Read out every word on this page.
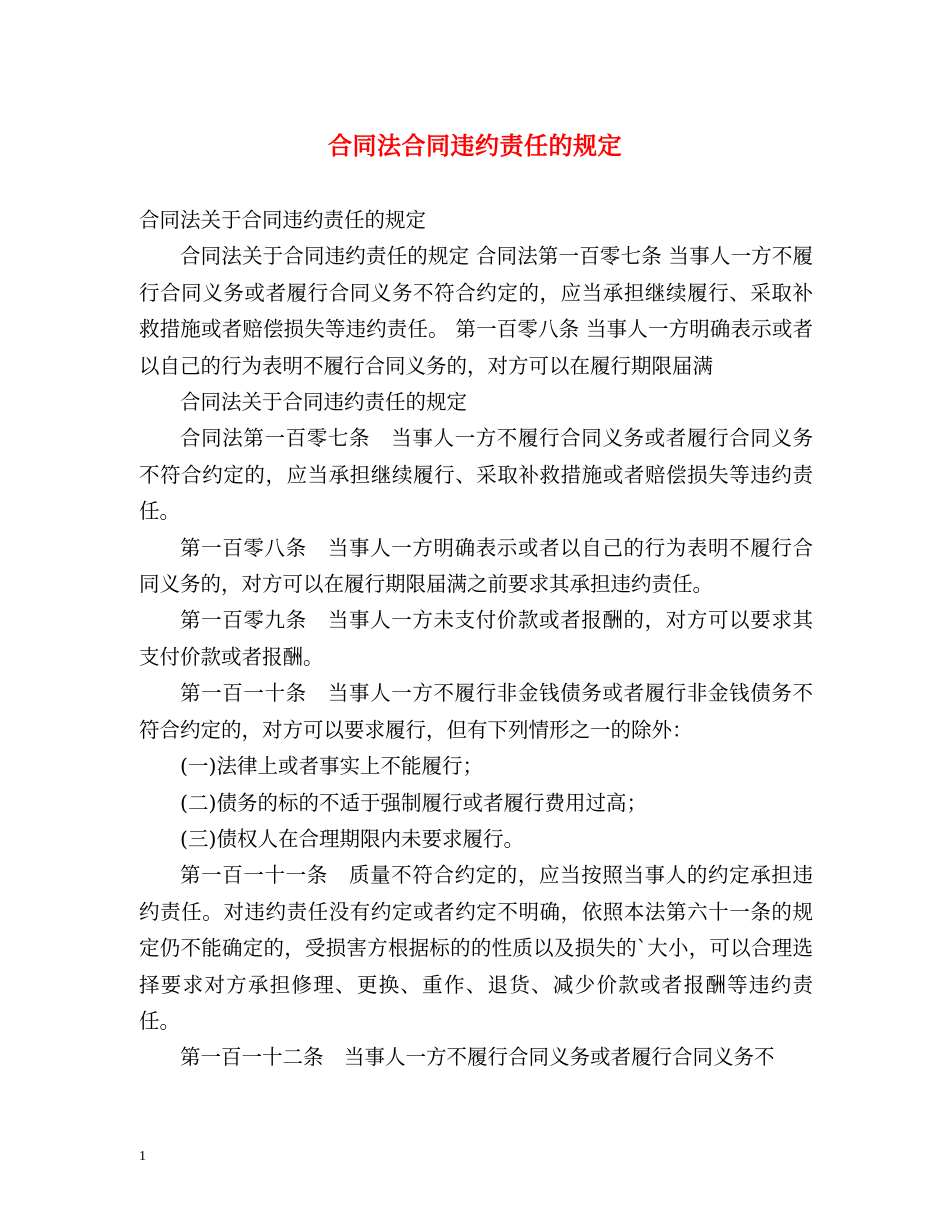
合同法合同违约责任的规定

合同法关于合同违约责任的规定

合同法关于合同违约责任的规定 合同法第一百零七条 当事人一方不履行合同义务或者履行合同义务不符合约定的，应当承担继续履行、采取补救措施或者赔偿损失等违约责任。 第一百零八条 当事人一方明确表示或者以自己的行为表明不履行合同义务的，对方可以在履行期限届满

合同法关于合同违约责任的规定

合同法第一百零七条　当事人一方不履行合同义务或者履行合同义务不符合约定的，应当承担继续履行、采取补救措施或者赔偿损失等违约责任。

第一百零八条　当事人一方明确表示或者以自己的行为表明不履行合同义务的，对方可以在履行期限届满之前要求其承担违约责任。

第一百零九条　当事人一方未支付价款或者报酬的，对方可以要求其支付价款或者报酬。

第一百一十条　当事人一方不履行非金钱债务或者履行非金钱债务不符合约定的，对方可以要求履行，但有下列情形之一的除外：

(一)法律上或者事实上不能履行；

(二)债务的标的不适于强制履行或者履行费用过高；

(三)债权人在合理期限内未要求履行。

第一百一十一条　质量不符合约定的，应当按照当事人的约定承担违约责任。对违约责任没有约定或者约定不明确，依照本法第六十一条的规定仍不能确定的，受损害方根据标的的性质以及损失的`大小，可以合理选择要求对方承担修理、更换、重作、退货、减少价款或者报酬等违约责任。

第一百一十二条　当事人一方不履行合同义务或者履行合同义务不

1
